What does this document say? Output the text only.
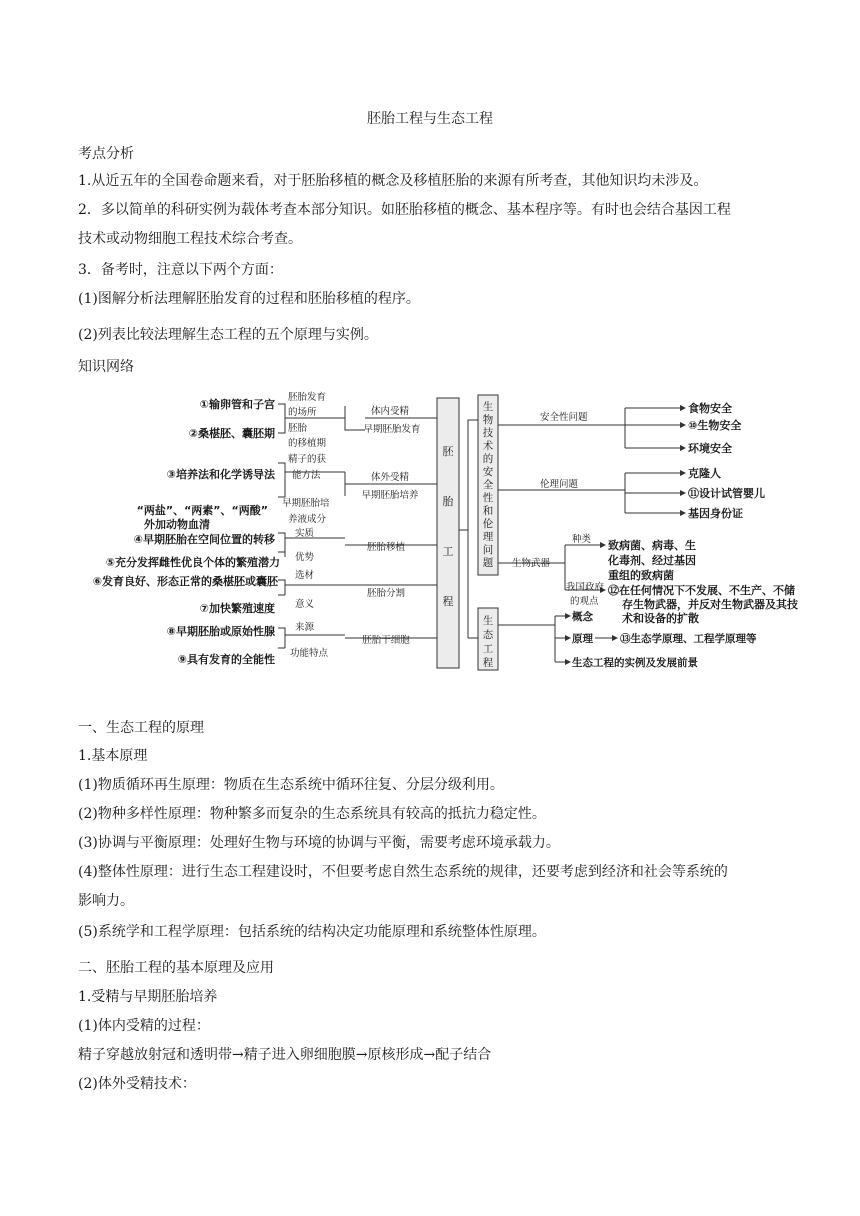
胚胎工程与生态工程
考点分析
1.从近五年的全国卷命题来看，对于胚胎移植的概念及移植胚胎的来源有所考查，其他知识均未涉及。
2．多以简单的科研实例为载体考查本部分知识。如胚胎移植的概念、基本程序等。有时也会结合基因工程
技术或动物细胞工程技术综合考查。
3．备考时，注意以下两个方面：
(1)图解分析法理解胚胎发育的过程和胚胎移植的程序。
(2)列表比较法理解生态工程的五个原理与实例。
知识网络
胚
胎
工
程
生
物
技
术
的
安
全
性
和
伦
理
问
题
生
态
工
程
①输卵管和子宫
②桑椹胚、囊胚期
③培养法和化学诱导法
“两盐”、“两素”、“两酸”
外加动物血清
④早期胚胎在空间位置的转移
⑤充分发挥雌性优良个体的繁殖潜力
⑥发育良好、形态正常的桑椹胚或囊胚
⑦加快繁殖速度
⑧早期胚胎或原始性腺
⑨具有发育的全能性
胚胎发育
的场所
胚胎
的移植期
精子的获
能方法
早期胚胎培
养液成分
实质
优势
选材
意义
来源
功能特点
体内受精
早期胚胎发育
体外受精
早期胚胎培养
胚胎移植
胚胎分割
胚胎干细胞
安全性问题
伦理问题
生物武器
种类
我国政府
的观点
食物安全
⑩生物安全
环境安全
克隆人
⑪设计试管婴儿
基因身份证
致病菌、病毒、生
化毒剂、经过基因
重组的致病菌
⑫在任何情况下不发展、不生产、不储
存生物武器，并反对生物武器及其技
术和设备的扩散
概念
原理	⑬生态学原理、工程学原理等
生态工程的实例及发展前景
一、生态工程的原理
1.基本原理
(1)物质循环再生原理：物质在生态系统中循环往复、分层分级利用。
(2)物种多样性原理：物种繁多而复杂的生态系统具有较高的抵抗力稳定性。
(3)协调与平衡原理：处理好生物与环境的协调与平衡，需要考虑环境承载力。
(4)整体性原理：进行生态工程建设时，不但要考虑自然生态系统的规律，还要考虑到经济和社会等系统的
影响力。
(5)系统学和工程学原理：包括系统的结构决定功能原理和系统整体性原理。
二、胚胎工程的基本原理及应用
1.受精与早期胚胎培养
(1)体内受精的过程：
精子穿越放射冠和透明带→精子进入卵细胞膜→原核形成→配子结合
(2)体外受精技术：
